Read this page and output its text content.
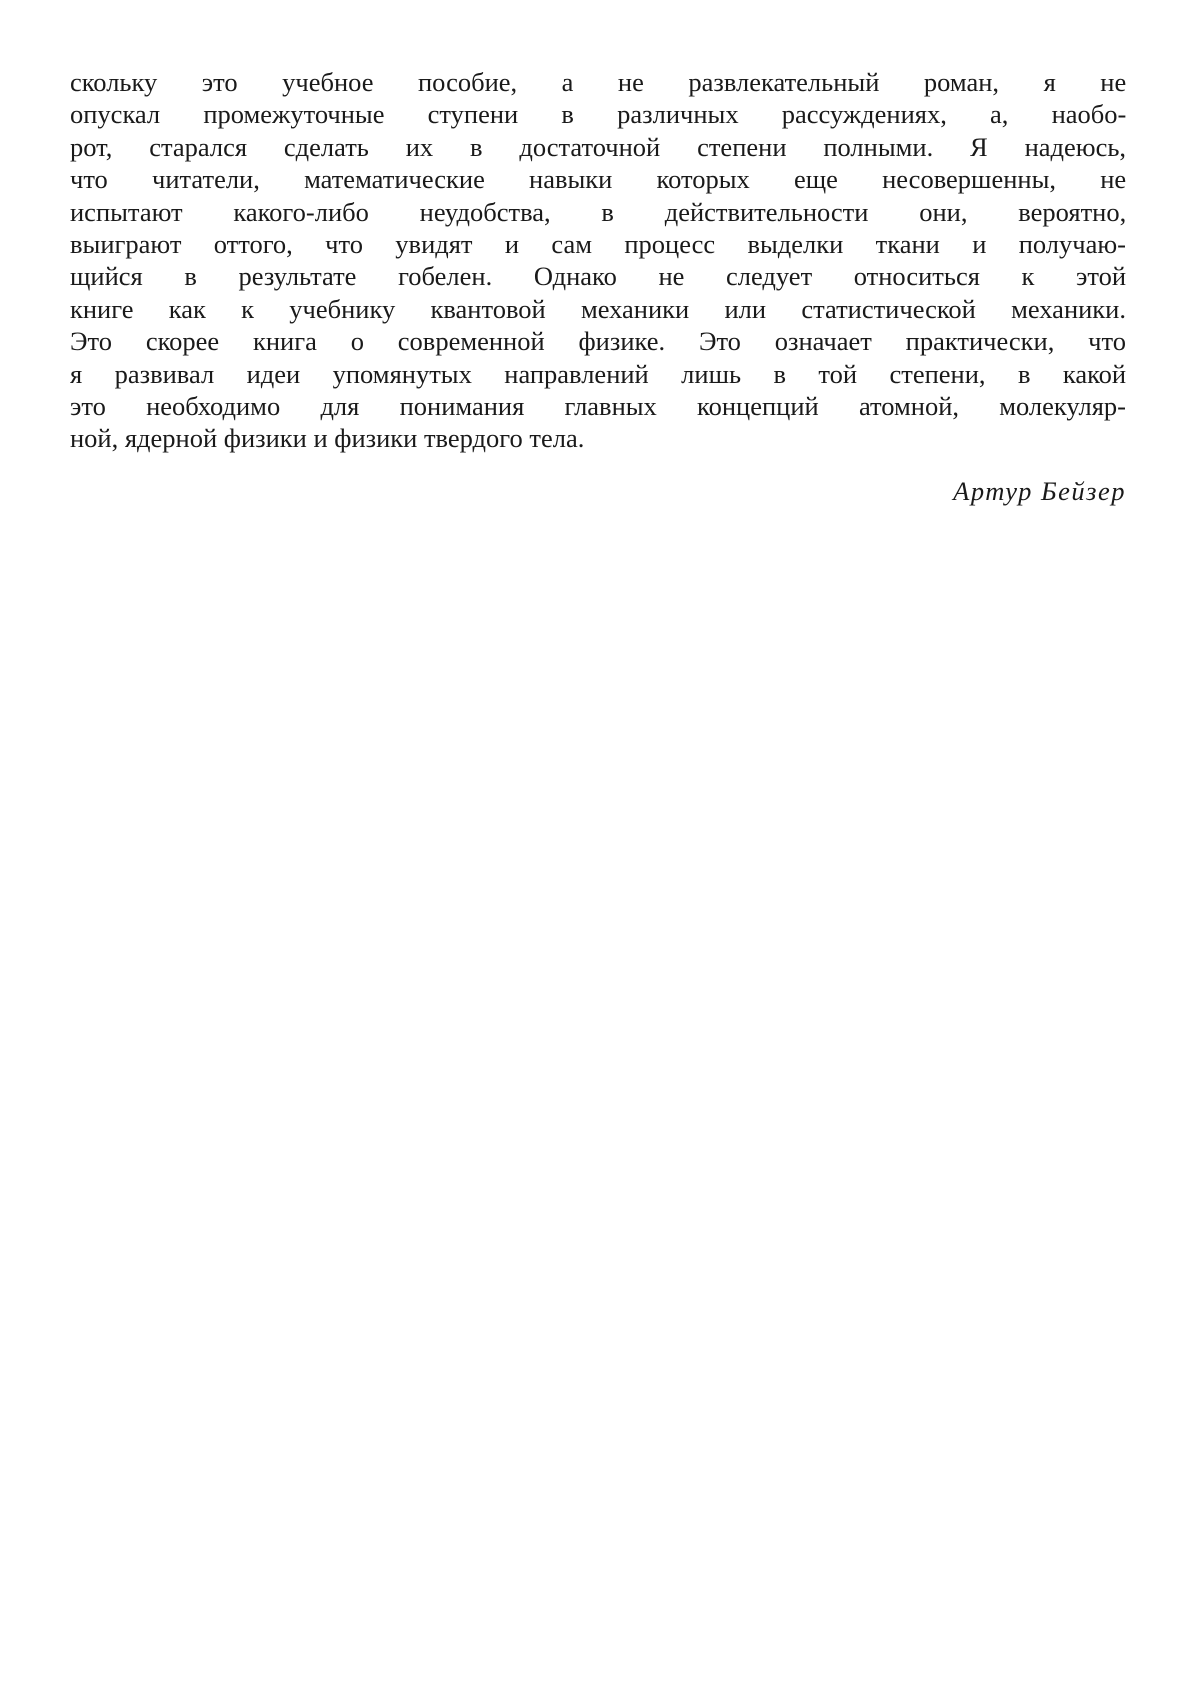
скольку это учебное пособие, а не развлекательный роман, я не
опускал промежуточные ступени в различных рассуждениях, а, наобо-
рот, старался сделать их в достаточной степени полными. Я надеюсь,
что читатели, математические навыки которых еще несовершенны, не
испытают какого-либо неудобства, в действительности они, вероятно,
выиграют оттого, что увидят и сам процесс выделки ткани и получаю-
щийся в результате гобелен. Однако не следует относиться к этой
книге как к учебнику квантовой механики или статистической механики.
Это скорее книга о современной физике. Это означает практически, что
я развивал идеи упомянутых направлений лишь в той степени, в какой
это необходимо для понимания главных концепций атомной, молекуляр-
ной, ядерной физики и физики твердого тела.
Артур Бейзер
